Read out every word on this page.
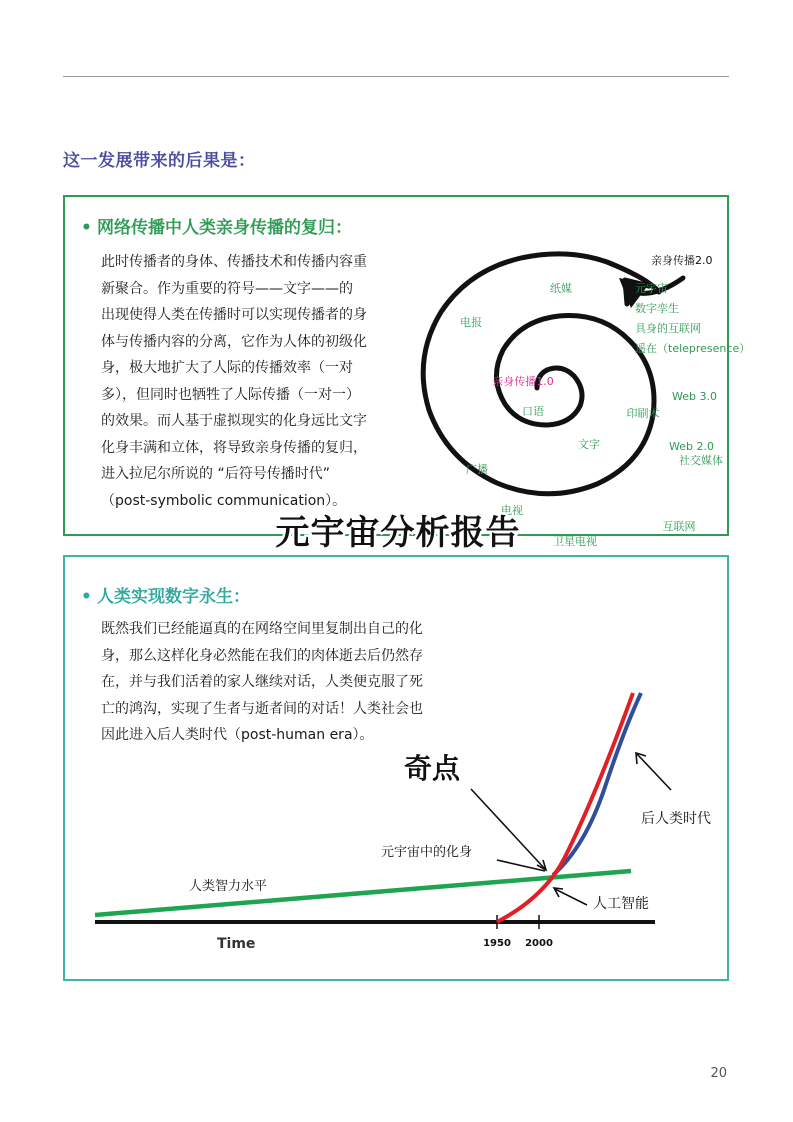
这一发展带来的后果是：
• 网络传播中人类亲身传播的复归：
此时传播者的身体、传播技术和传播内容重
新聚合。作为重要的符号——文字——的
出现使得人类在传播时可以实现传播者的身
体与传播内容的分离，它作为人体的初级化
身，极大地扩大了人际的传播效率（一对
多），但同时也牺牲了人际传播（一对一）
的效果。而人基于虚拟现实的化身远比文字
化身丰满和立体，将导致亲身传播的复归，
进入拉尼尔所说的 “后符号传播时代”
（post-symbolic communication）。
亲身传播2.0
亲身传播1.0
纸媒
电报
口语
文字
印刷术
广播
电视
卫星电视
互联网
Web 2.0
社交媒体
Web 3.0
元宇宙
数字孪生
具身的互联网
遥在（telepresence）
• 人类实现数字永生：
既然我们已经能逼真的在网络空间里复制出自己的化
身，那么这样化身必然能在我们的肉体逝去后仍然存
在，并与我们活着的家人继续对话，人类便克服了死
亡的鸿沟，实现了生者与逝者间的对话！人类社会也
因此进入后人类时代（post-human era）。
1950 2000
Time
人类智力水平
元宇宙中的化身
奇点
后人类时代
人工智能
元宇宙分析报告
20
